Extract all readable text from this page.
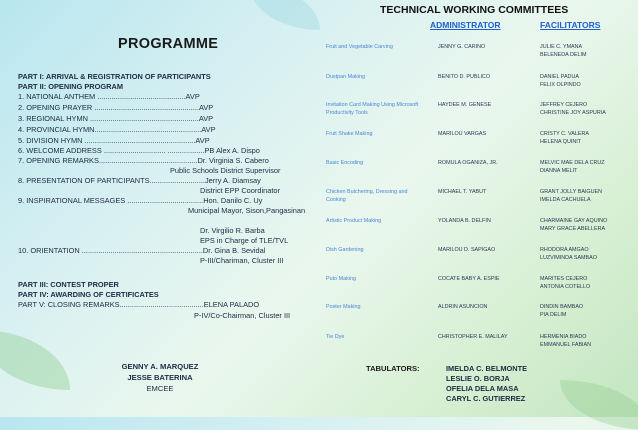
PROGRAMME
PART I: ARRIVAL & REGISTRATION OF PARTICIPANTS
PART II: OPENING PROGRAM
1. NATIONAL ANTHEM ...........................................AVP
2. OPENING PRAYER ...................................................AVP
3. REGIONAL HYMN .....................................................AVP
4. PROVINCIAL HYMN....................................................AVP
5. DIVISION HYMN ......................................................AVP
6. WELCOME ADDRESS .............................. ..................PB Alex A. Dispo
7. OPENING REMARKS................................................Dr. Virginia S. Cabero
Public Schools District Supervisor
8. PRESENTATION OF PARTICIPANTS...........................Jerry A. Diamsay
District EPP Coordinator
9. INSPIRATIONAL MESSAGES .....................................Hon. Danilo C. Uy
Municipal Mayor, Sison,Pangasinan
Dr. Virgilio R. Barba
EPS in Charge of TLE/TVL
10. ORIENTATION ...........................................................Dr. Gina B. Sevidal
P-III/Chariman, Cluster III
PART III: CONTEST PROPER
PART IV: AWARDING OF CERTIFICATES
PART V: CLOSING REMARKS.........................................ELENA PALADO
P-IV/Co-Chairman, Cluster III
GENNY A. MARQUEZ
JESSE BATERINA
EMCEE
TECHNICAL WORKING COMMITTEES
ADMINISTRATOR	FACILITATORS
Fruit and Vegetable Carving	JENNY G. CARINO	JULIE C. YMANA
BELENEDA DELIM
Dustpan Making	BENITO D. PUBLICO	DANIEL PADUA
FELIX OLPINDO
Invitation Card Making Using Microsoft Productivity Tools
HAYDEE M. GENESE	JEFFREY CEJERO
CHRISTINE JOY ASPURIA
Fruit Shake Making	MARILOU VARGAS	CRISTY C. VALERA
HELENA QUINIT
Basic Encoding	ROMULA OGANIZA, JR.	MELVIC MAE DELA CRUZ
DIANNA MELIT
Chicken Butchering, Dressing and Cooking
MICHAEL T. YABUT	GRANT JOLLY BAIGUEN
IMELDA CACHUELA
Artistic Product Making	YOLANDA B. DELFIN	CHARMAINE GAY AQUINO
MARY GRACE ABELLERA
Dish Gardening	MARILOU D. SAPIGAO	RHODORA AMGAO
LUZVIMINDA SAMBAO
Puto Making	COCATE BABY A. ESPIE	MARITES CEJERO
ANTONIA COTELLO
Poster Making	ALDRIN ASUNCION	DINDIN BAMBAO
PIA DELIM
Tie Dye	CHRISTOPHER E. MALILAY	HERMENIA BIADO
EMMANUEL FABIAN
TABULATORS:	IMELDA C. BELMONTE
LESLIE O. BORJA
OFELIA DELA MASA
CARYL C. GUTIERREZ
